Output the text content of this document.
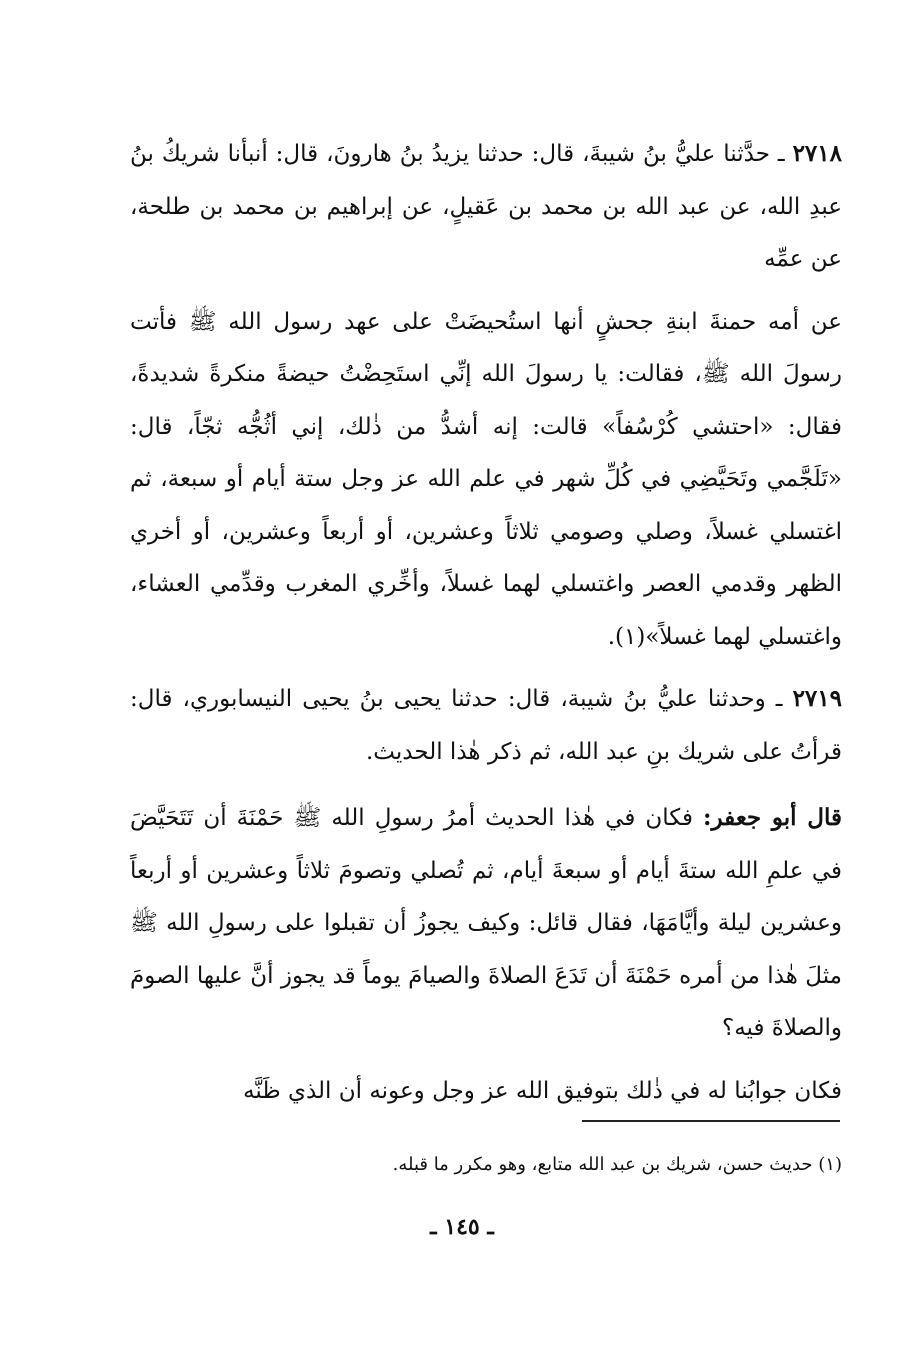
٢٧١٨ ـ حدَّثنا عليُّ بنُ شيبةَ، قال: حدثنا يزيدُ بنُ هارونَ، قال: أنبأنا شريكُ بنُ عبدِ الله، عن عبد الله بن محمد بن عَقيلٍ، عن إبراهيم بن محمد بن طلحة، عن عمِّه

عن أمه حمنةَ ابنةِ جحشٍ أنها استُحيضَتْ على عهد رسول الله ﷺ فأتت رسولَ الله ﷺ، فقالت: يا رسولَ الله إنِّي استَحِضْتُ حيضةً منكرةً شديدةً، فقال: «احتشي كُرْسُفاً» قالت: إنه أشدُّ من ذٰلك، إني أثُجُّه ثجّاً، قال: «تَلَجَّمي وتَحَيَّضِي في كُلِّ شهر في علم الله عز وجل ستة أيام أو سبعة، ثم اغتسلي غسلاً، وصلي وصومي ثلاثاً وعشرين، أو أربعاً وعشرين، أو أخري الظهر وقدمي العصر واغتسلي لهما غسلاً، وأخِّري المغرب وقدِّمي العشاء، واغتسلي لهما غسلاً»(١).

٢٧١٩ ـ وحدثنا عليُّ بنُ شيبة، قال: حدثنا يحيى بنُ يحيى النيسابوري، قال: قرأتُ على شريك بنِ عبد الله، ثم ذكر هٰذا الحديث.

قال أبو جعفر: فكان في هٰذا الحديث أمرُ رسولِ الله ﷺ حَمْنَةَ أن تَتَحَيَّضَ في علمِ الله ستةَ أيام أو سبعةَ أيام، ثم تُصلي وتصومَ ثلاثاً وعشرين أو أربعاً وعشرين ليلة وأيَّامَهَا، فقال قائل: وكيف يجوزُ أن تقبلوا على رسولِ الله ﷺ مثلَ هٰذا من أمره حَمْنَةَ أن تَدَعَ الصلاةَ والصيامَ يوماً قد يجوز أنَّ عليها الصومَ والصلاةَ فيه؟

فكان جوابُنا له في ذٰلك بتوفيق الله عز وجل وعونه أن الذي ظَنَّه

(١) حديث حسن، شريك بن عبد الله متابع، وهو مكرر ما قبله.
ـ ١٤٥ ـ
